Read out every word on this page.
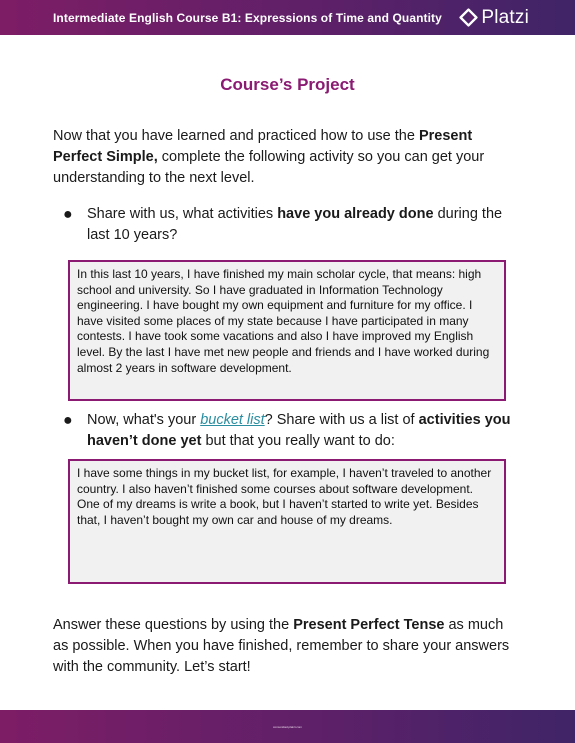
Intermediate English Course B1: Expressions of Time and Quantity Platzi
Course’s Project

Now that you have learned and practiced how to use the Present Perfect Simple, complete the following activity so you can get your understanding to the next level.

● Share with us, what activities have you already done during the last 10 years?
In this last 10 years, I have finished my main scholar cycle, that means: high school and university. So I have graduated in Information Technology engineering. I have bought my own equipment and furniture for my office. I have visited some places of my state because I have participated in many contests. I have took some vacations and also I have improved my English level. By the last I have met new people and friends and I have worked during almost 2 years in software development.
● Now, what's your bucket list? Share with us a list of activities you haven’t done yet but that you really want to do:
I have some things in my bucket list, for example, I haven’t traveled to another country. I also haven’t finished some courses about software development. One of my dreams is write a book, but I haven’t started to write yet. Besides that, I haven’t bought my own car and house of my dreams.

Answer these questions by using the Present Perfect Tense as much as possible. When you have finished, remember to share your answers with the community. Let’s start!

comunidad.platzi.com
